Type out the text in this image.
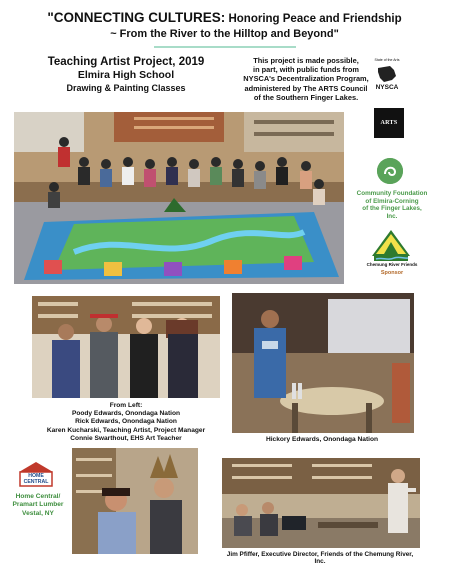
"CONNECTING CULTURES: Honoring Peace and Friendship
~ From the River to the Hilltop and Beyond"
Teaching Artist Project, 2019
Elmira High School
Drawing & Painting Classes
This project is made possible,
in part, with public funds from
NYSCA's Decentralization Program,
administered by The ARTS Council
of the Southern Finger Lakes.
State of the Arts
NYSCA
ARTS
Community Foundation
of Elmira-Corning
of the Finger Lakes, Inc.
Chemung River Friends
Sponsor
From Left:
Poody Edwards, Onondaga Nation
Rick Edwards, Onondaga Nation
Karen Kucharski, Teaching Artist, Project Manager
Connie Swarthout, EHS Art Teacher	Hickory Edwards, Onondaga Nation
HOME CENTRAL
Home Central/
Pramart Lumber
Vestal, NY
Jim Pfiffer, Executive Director, Friends of the Chemung River, Inc.
